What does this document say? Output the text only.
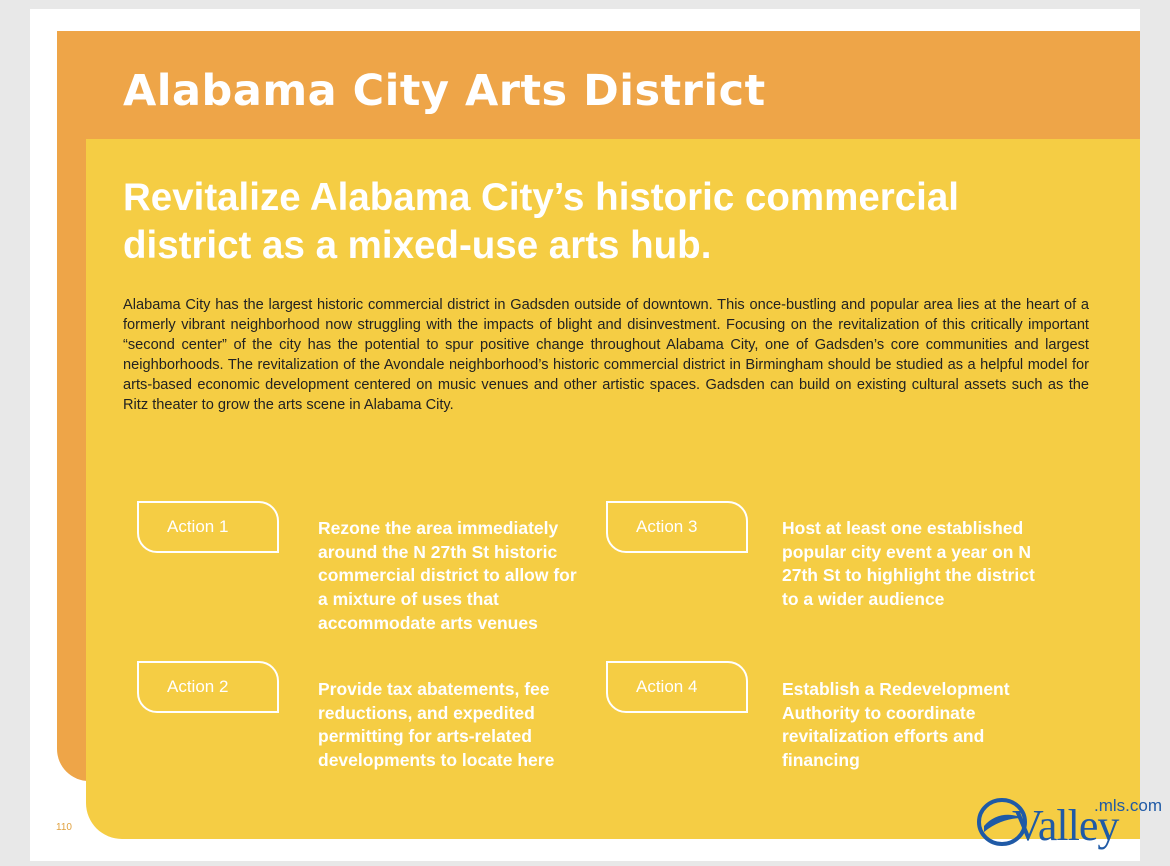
Alabama City Arts District
Revitalize Alabama City’s historic commercial district as a mixed-use arts hub.

Alabama City has the largest historic commercial district in Gadsden outside of downtown. This once-bustling and popular area lies at the heart of a formerly vibrant neighborhood now struggling with the impacts of blight and disinvestment. Focusing on the revitalization of this critically important “second center” of the city has the potential to spur positive change throughout Alabama City, one of Gadsden’s core communities and largest neighborhoods. The revitalization of the Avondale neighborhood’s historic commercial district in Birmingham should be studied as a helpful model for arts-based economic development centered on music venues and other artistic spaces. Gadsden can build on existing cultural assets such as the Ritz theater to grow the arts scene in Alabama City.

Action 1	Rezone the area immediately around the N 27th St historic commercial district to allow for a mixture of uses that accommodate arts venues

Action 2	Provide tax abatements, fee reductions, and expedited permitting for arts-related developments to locate here

Action 3	Host at least one established popular city event a year on N 27th St to highlight the district to a wider audience

Action 4	Establish a Redevelopment Authority to coordinate revitalization efforts and financing

110	Valley
.mls.com
